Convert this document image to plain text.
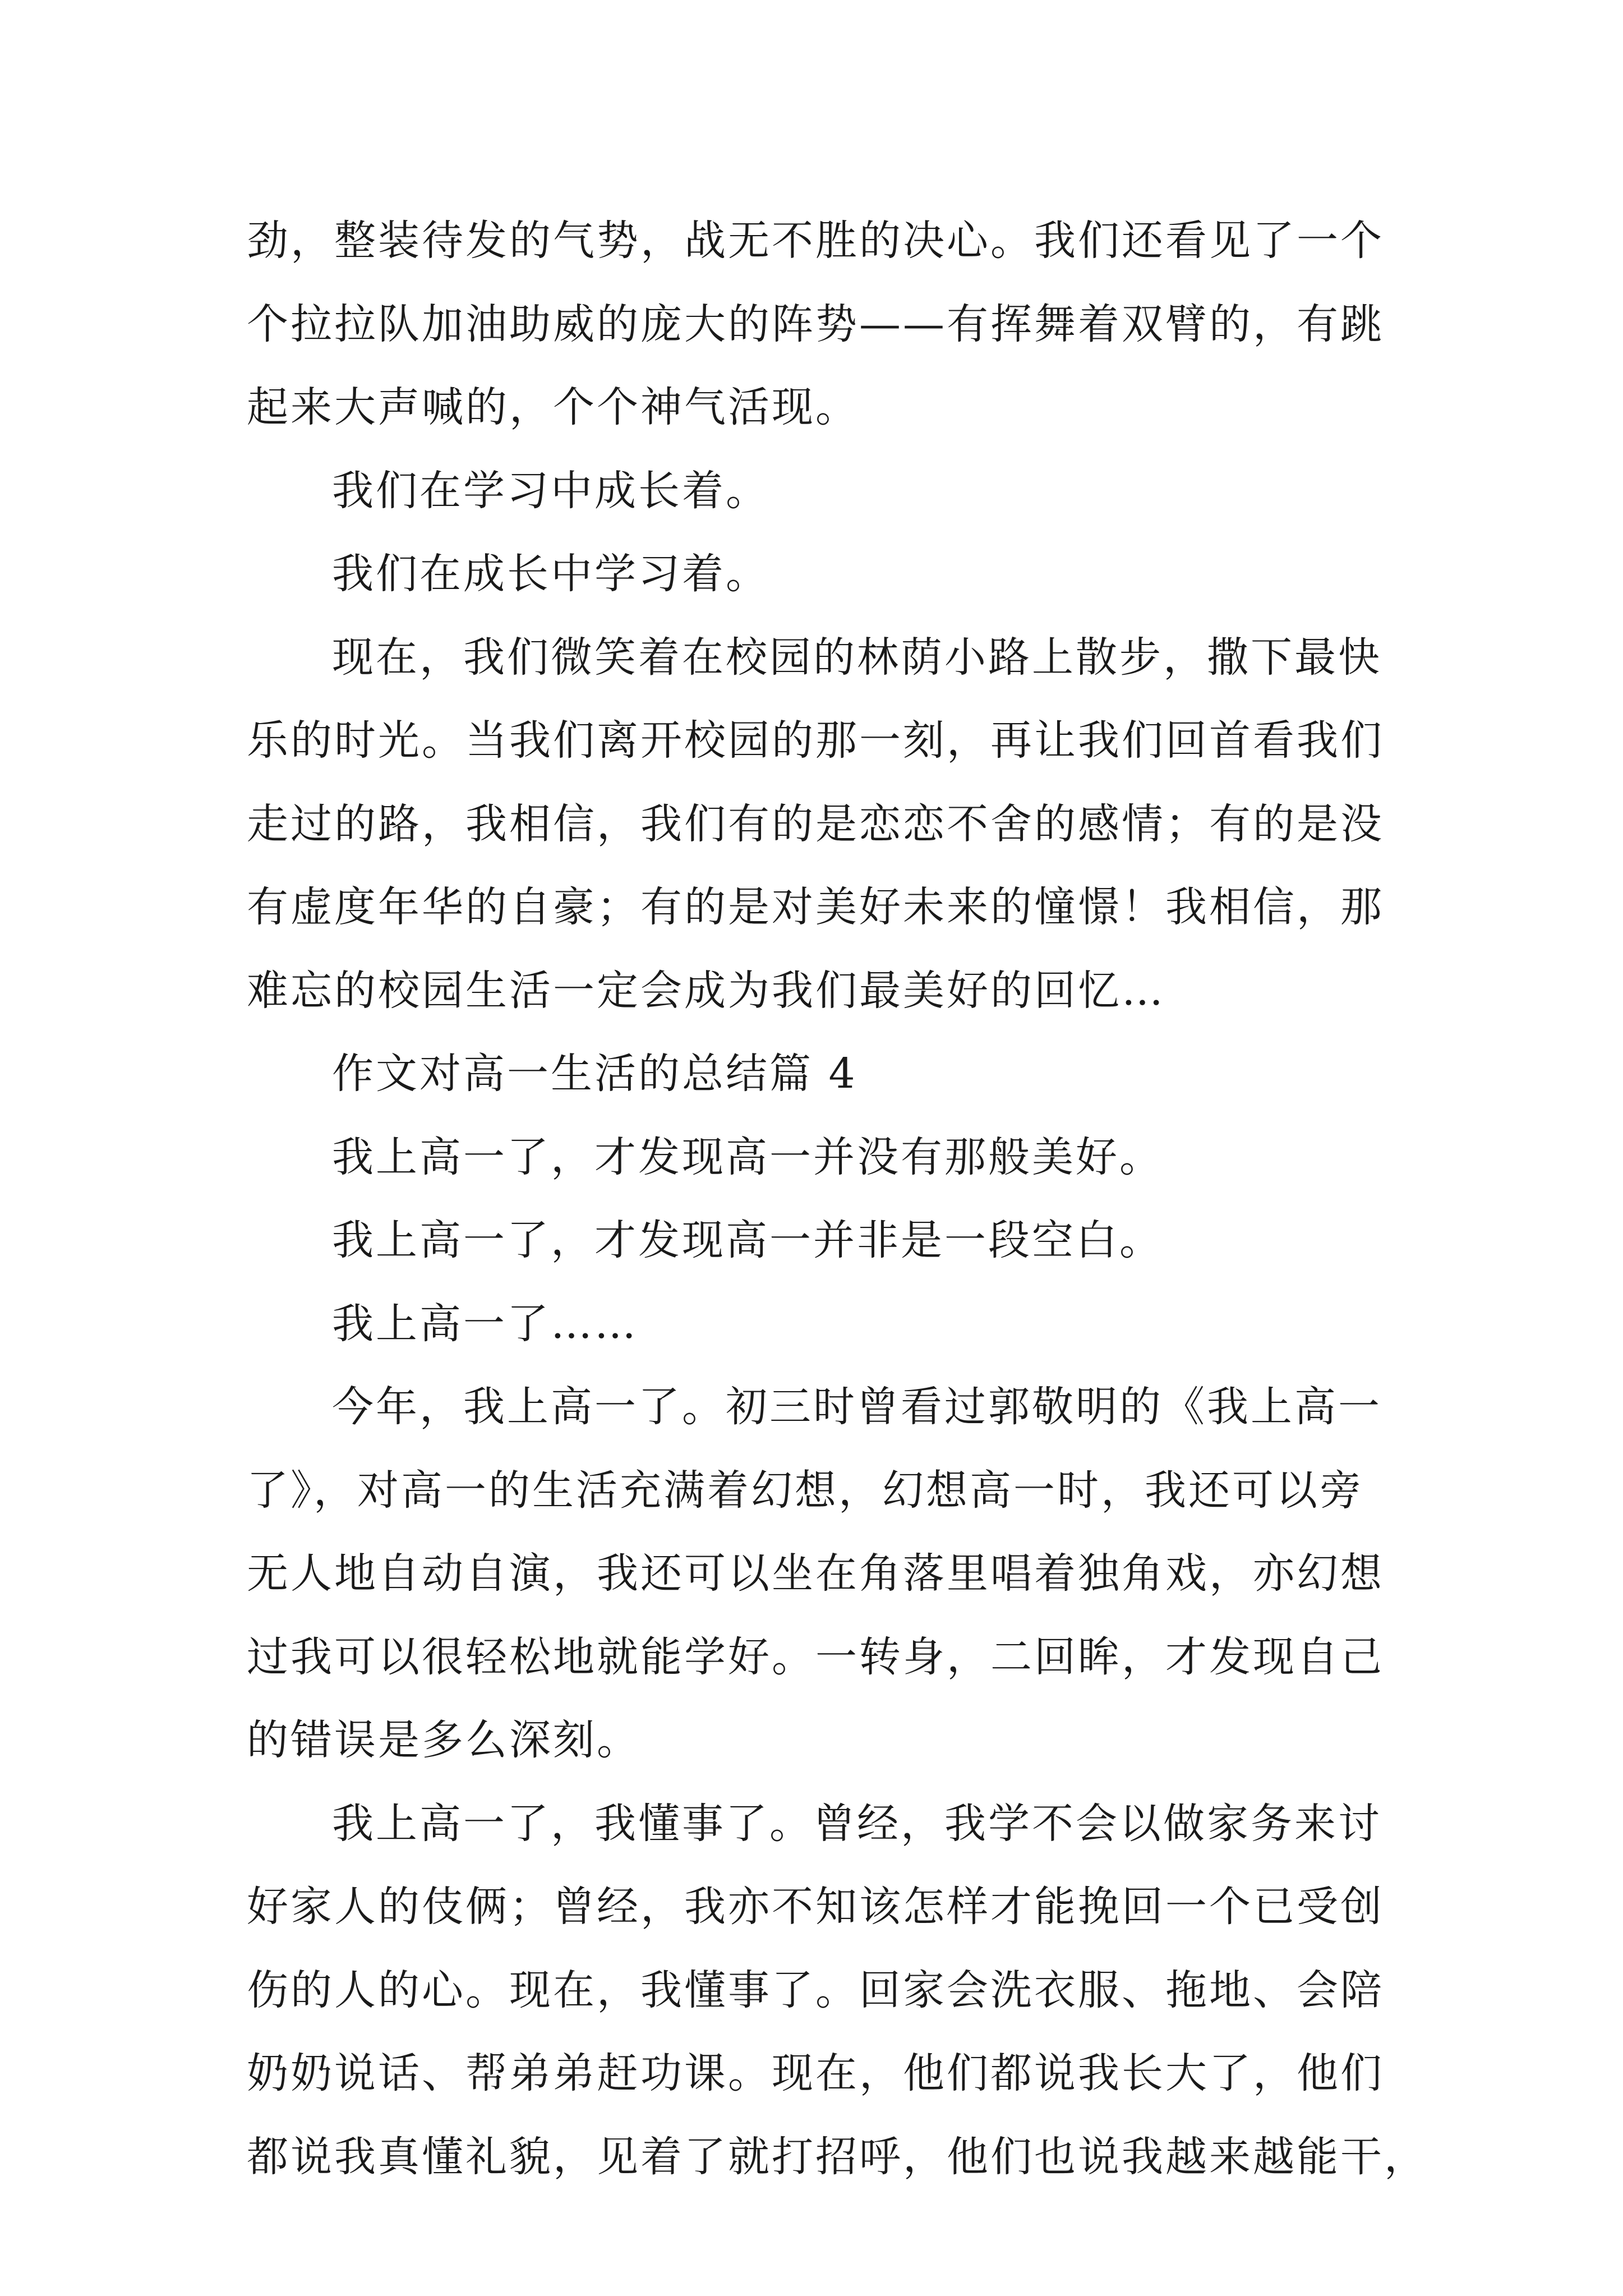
劲，整装待发的气势，战无不胜的决心。我们还看见了一个
个拉拉队加油助威的庞大的阵势——有挥舞着双臂的，有跳
起来大声喊的，个个神气活现。
我们在学习中成长着。
我们在成长中学习着。
现在，我们微笑着在校园的林荫小路上散步，撒下最快
乐的时光。当我们离开校园的那一刻，再让我们回首看我们
走过的路，我相信，我们有的是恋恋不舍的感情；有的是没
有虚度年华的自豪；有的是对美好未来的憧憬！我相信，那
难忘的校园生活一定会成为我们最美好的回忆…
作文对高一生活的总结篇 4
我上高一了，才发现高一并没有那般美好。
我上高一了，才发现高一并非是一段空白。
我上高一了……
今年，我上高一了。初三时曾看过郭敬明的《我上高一
了》，对高一的生活充满着幻想，幻想高一时，我还可以旁
无人地自动自演，我还可以坐在角落里唱着独角戏，亦幻想
过我可以很轻松地就能学好。一转身，二回眸，才发现自己
的错误是多么深刻。
我上高一了，我懂事了。曾经，我学不会以做家务来讨
好家人的伎俩；曾经，我亦不知该怎样才能挽回一个已受创
伤的人的心。现在，我懂事了。回家会洗衣服、拖地、会陪
奶奶说话、帮弟弟赶功课。现在，他们都说我长大了，他们
都说我真懂礼貌，见着了就打招呼，他们也说我越来越能干，
